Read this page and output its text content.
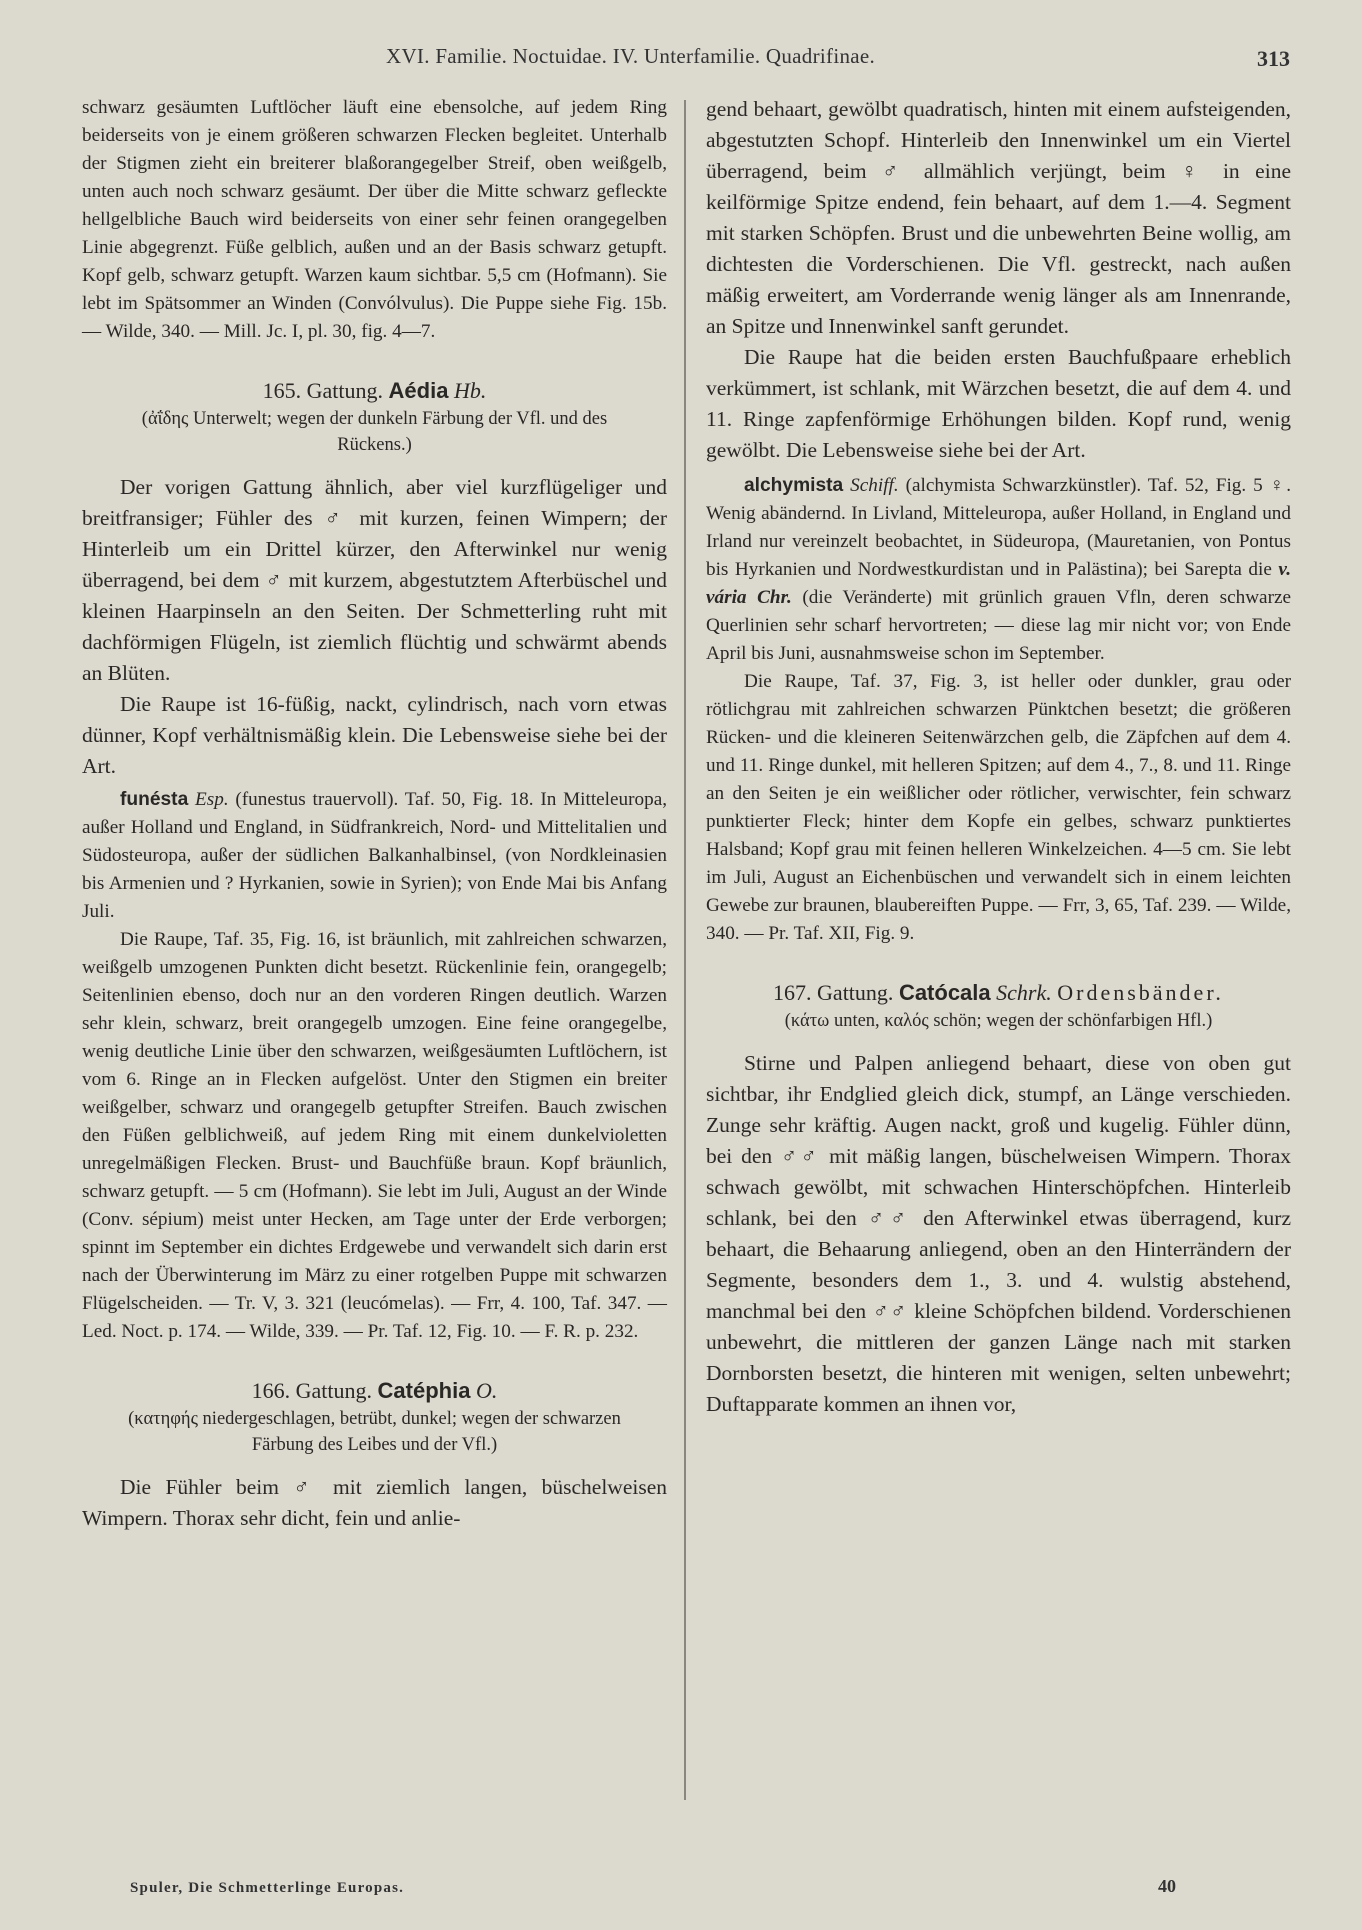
XVI. Familie. Noctuidae. IV. Unterfamilie. Quadrifinae.	313

schwarz gesäumten Luftlöcher läuft eine ebensolche, auf jedem Ring beiderseits von je einem größeren schwarzen Flecken begleitet. Unterhalb der Stigmen zieht ein breiterer blaßorangegelber Streif, oben weißgelb, unten auch noch schwarz gesäumt. Der über die Mitte schwarz gefleckte hellgelbliche Bauch wird beiderseits von einer sehr feinen orangegelben Linie abgegrenzt. Füße gelblich, außen und an der Basis schwarz getupft. Kopf gelb, schwarz getupft. Warzen kaum sichtbar. 5,5 cm (Hofmann). Sie lebt im Spätsommer an Winden (Convólvulus). Die Puppe siehe Fig. 15b. — Wilde, 340. — Mill. Jc. I, pl. 30, fig. 4—7.

165. Gattung. Aédia Hb.

(ἀΐδης Unterwelt; wegen der dunkeln Färbung der Vfl. und des Rückens.)

Der vorigen Gattung ähnlich, aber viel kurzflügeliger und breitfransiger; Fühler des ♂ mit kurzen, feinen Wimpern; der Hinterleib um ein Drittel kürzer, den Afterwinkel nur wenig überragend, bei dem ♂ mit kurzem, abgestutztem Afterbüschel und kleinen Haarpinseln an den Seiten. Der Schmetterling ruht mit dachförmigen Flügeln, ist ziemlich flüchtig und schwärmt abends an Blüten.

Die Raupe ist 16-füßig, nackt, cylindrisch, nach vorn etwas dünner, Kopf verhältnismäßig klein. Die Lebensweise siehe bei der Art.

funésta Esp. (funestus trauervoll). Taf. 50, Fig. 18. In Mitteleuropa, außer Holland und England, in Südfrankreich, Nord- und Mittelitalien und Südosteuropa, außer der südlichen Balkanhalbinsel, (von Nordkleinasien bis Armenien und ? Hyrkanien, sowie in Syrien); von Ende Mai bis Anfang Juli.

Die Raupe, Taf. 35, Fig. 16, ist bräunlich, mit zahlreichen schwarzen, weißgelb umzogenen Punkten dicht besetzt. Rückenlinie fein, orangegelb; Seitenlinien ebenso, doch nur an den vorderen Ringen deutlich. Warzen sehr klein, schwarz, breit orangegelb umzogen. Eine feine orangegelbe, wenig deutliche Linie über den schwarzen, weißgesäumten Luftlöchern, ist vom 6. Ringe an in Flecken aufgelöst. Unter den Stigmen ein breiter weißgelber, schwarz und orangegelb getupfter Streifen. Bauch zwischen den Füßen gelblichweiß, auf jedem Ring mit einem dunkelvioletten unregelmäßigen Flecken. Brust- und Bauchfüße braun. Kopf bräunlich, schwarz getupft. — 5 cm (Hofmann). Sie lebt im Juli, August an der Winde (Conv. sépium) meist unter Hecken, am Tage unter der Erde verborgen; spinnt im September ein dichtes Erdgewebe und verwandelt sich darin erst nach der Überwinterung im März zu einer rotgelben Puppe mit schwarzen Flügelscheiden. — Tr. V, 3. 321 (leucómelas). — Frr, 4. 100, Taf. 347. — Led. Noct. p. 174. — Wilde, 339. — Pr. Taf. 12, Fig. 10. — F. R. p. 232.

166. Gattung. Catéphia O.

(κατηφής niedergeschlagen, betrübt, dunkel; wegen der schwarzen Färbung des Leibes und der Vfl.)

Die Fühler beim ♂ mit ziemlich langen, büschelweisen Wimpern. Thorax sehr dicht, fein und anlie-

gend behaart, gewölbt quadratisch, hinten mit einem aufsteigenden, abgestutzten Schopf. Hinterleib den Innenwinkel um ein Viertel überragend, beim ♂ allmählich verjüngt, beim ♀ in eine keilförmige Spitze endend, fein behaart, auf dem 1.—4. Segment mit starken Schöpfen. Brust und die unbewehrten Beine wollig, am dichtesten die Vorderschienen. Die Vfl. gestreckt, nach außen mäßig erweitert, am Vorderrande wenig länger als am Innenrande, an Spitze und Innenwinkel sanft gerundet.

Die Raupe hat die beiden ersten Bauchfußpaare erheblich verkümmert, ist schlank, mit Wärzchen besetzt, die auf dem 4. und 11. Ringe zapfenförmige Erhöhungen bilden. Kopf rund, wenig gewölbt. Die Lebensweise siehe bei der Art.

alchymista Schiff. (alchymista Schwarzkünstler). Taf. 52, Fig. 5 ♀. Wenig abändernd. In Livland, Mitteleuropa, außer Holland, in England und Irland nur vereinzelt beobachtet, in Südeuropa, (Mauretanien, von Pontus bis Hyrkanien und Nordwestkurdistan und in Palästina); bei Sarepta die v. vária Chr. (die Veränderte) mit grünlich grauen Vfln, deren schwarze Querlinien sehr scharf hervortreten; — diese lag mir nicht vor; von Ende April bis Juni, ausnahmsweise schon im September.

Die Raupe, Taf. 37, Fig. 3, ist heller oder dunkler, grau oder rötlichgrau mit zahlreichen schwarzen Pünktchen besetzt; die größeren Rücken- und die kleineren Seitenwärzchen gelb, die Zäpfchen auf dem 4. und 11. Ringe dunkel, mit helleren Spitzen; auf dem 4., 7., 8. und 11. Ringe an den Seiten je ein weißlicher oder rötlicher, verwischter, fein schwarz punktierter Fleck; hinter dem Kopfe ein gelbes, schwarz punktiertes Halsband; Kopf grau mit feinen helleren Winkelzeichen. 4—5 cm. Sie lebt im Juli, August an Eichenbüschen und verwandelt sich in einem leichten Gewebe zur braunen, blaubereiften Puppe. — Frr, 3, 65, Taf. 239. — Wilde, 340. — Pr. Taf. XII, Fig. 9.

167. Gattung. Catócala Schrk. Ordensbänder.

(κάτω unten, καλός schön; wegen der schönfarbigen Hfl.)

Stirne und Palpen anliegend behaart, diese von oben gut sichtbar, ihr Endglied gleich dick, stumpf, an Länge verschieden. Zunge sehr kräftig. Augen nackt, groß und kugelig. Fühler dünn, bei den ♂♂ mit mäßig langen, büschelweisen Wimpern. Thorax schwach gewölbt, mit schwachen Hinterschöpfchen. Hinterleib schlank, bei den ♂♂ den Afterwinkel etwas überragend, kurz behaart, die Behaarung anliegend, oben an den Hinterrändern der Segmente, besonders dem 1., 3. und 4. wulstig abstehend, manchmal bei den ♂♂ kleine Schöpfchen bildend. Vorderschienen unbewehrt, die mittleren der ganzen Länge nach mit starken Dornborsten besetzt, die hinteren mit wenigen, selten unbewehrt; Duftapparate kommen an ihnen vor,

Spuler, Die Schmetterlinge Europas.	40
